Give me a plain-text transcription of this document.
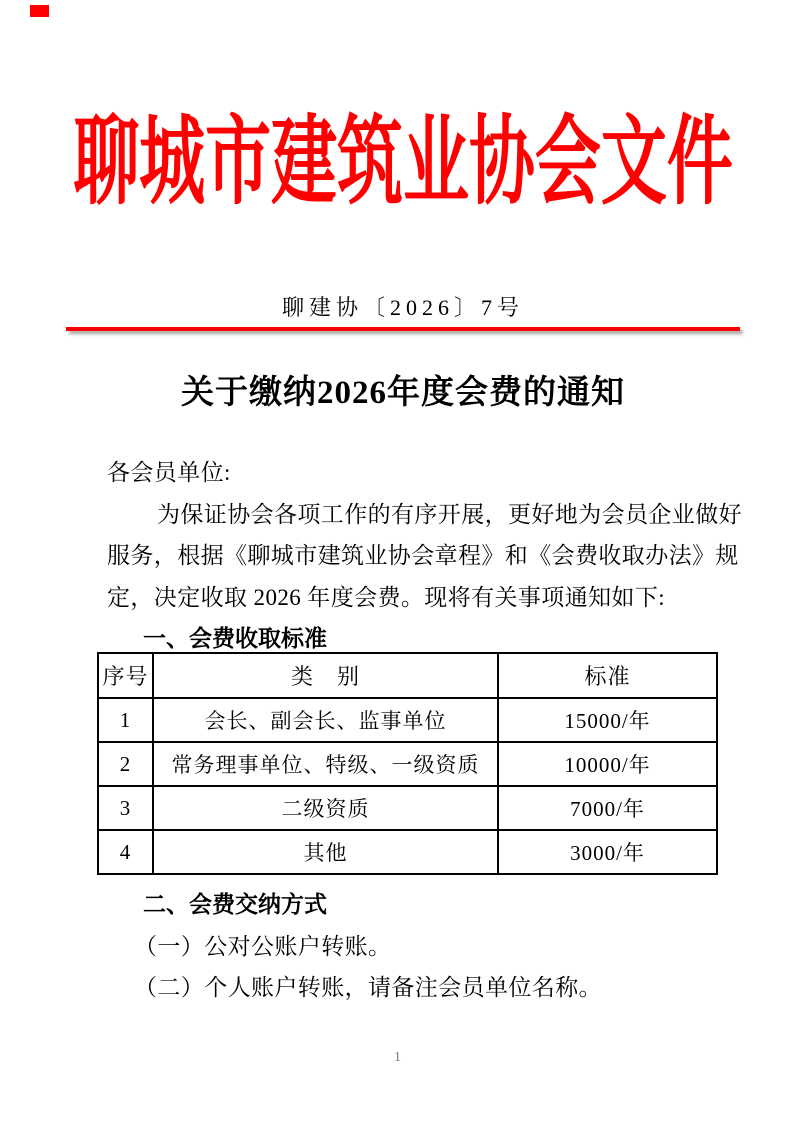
聊城市建筑业协会文件
聊建协〔2026〕7号
关于缴纳2026年度会费的通知
各会员单位:
为保证协会各项工作的有序开展，更好地为会员企业做好
服务，根据《聊城市建筑业协会章程》和《会费收取办法》规
定，决定收取 2026 年度会费。现将有关事项通知如下:
一、会费收取标准
序号	类　别	标准
1	会长、副会长、监事单位	15000/年
2	常务理事单位、特级、一级资质	10000/年
3	二级资质	7000/年
4	其他	3000/年
二、会费交纳方式
（一）公对公账户转账。
（二）个人账户转账，请备注会员单位名称。
1
